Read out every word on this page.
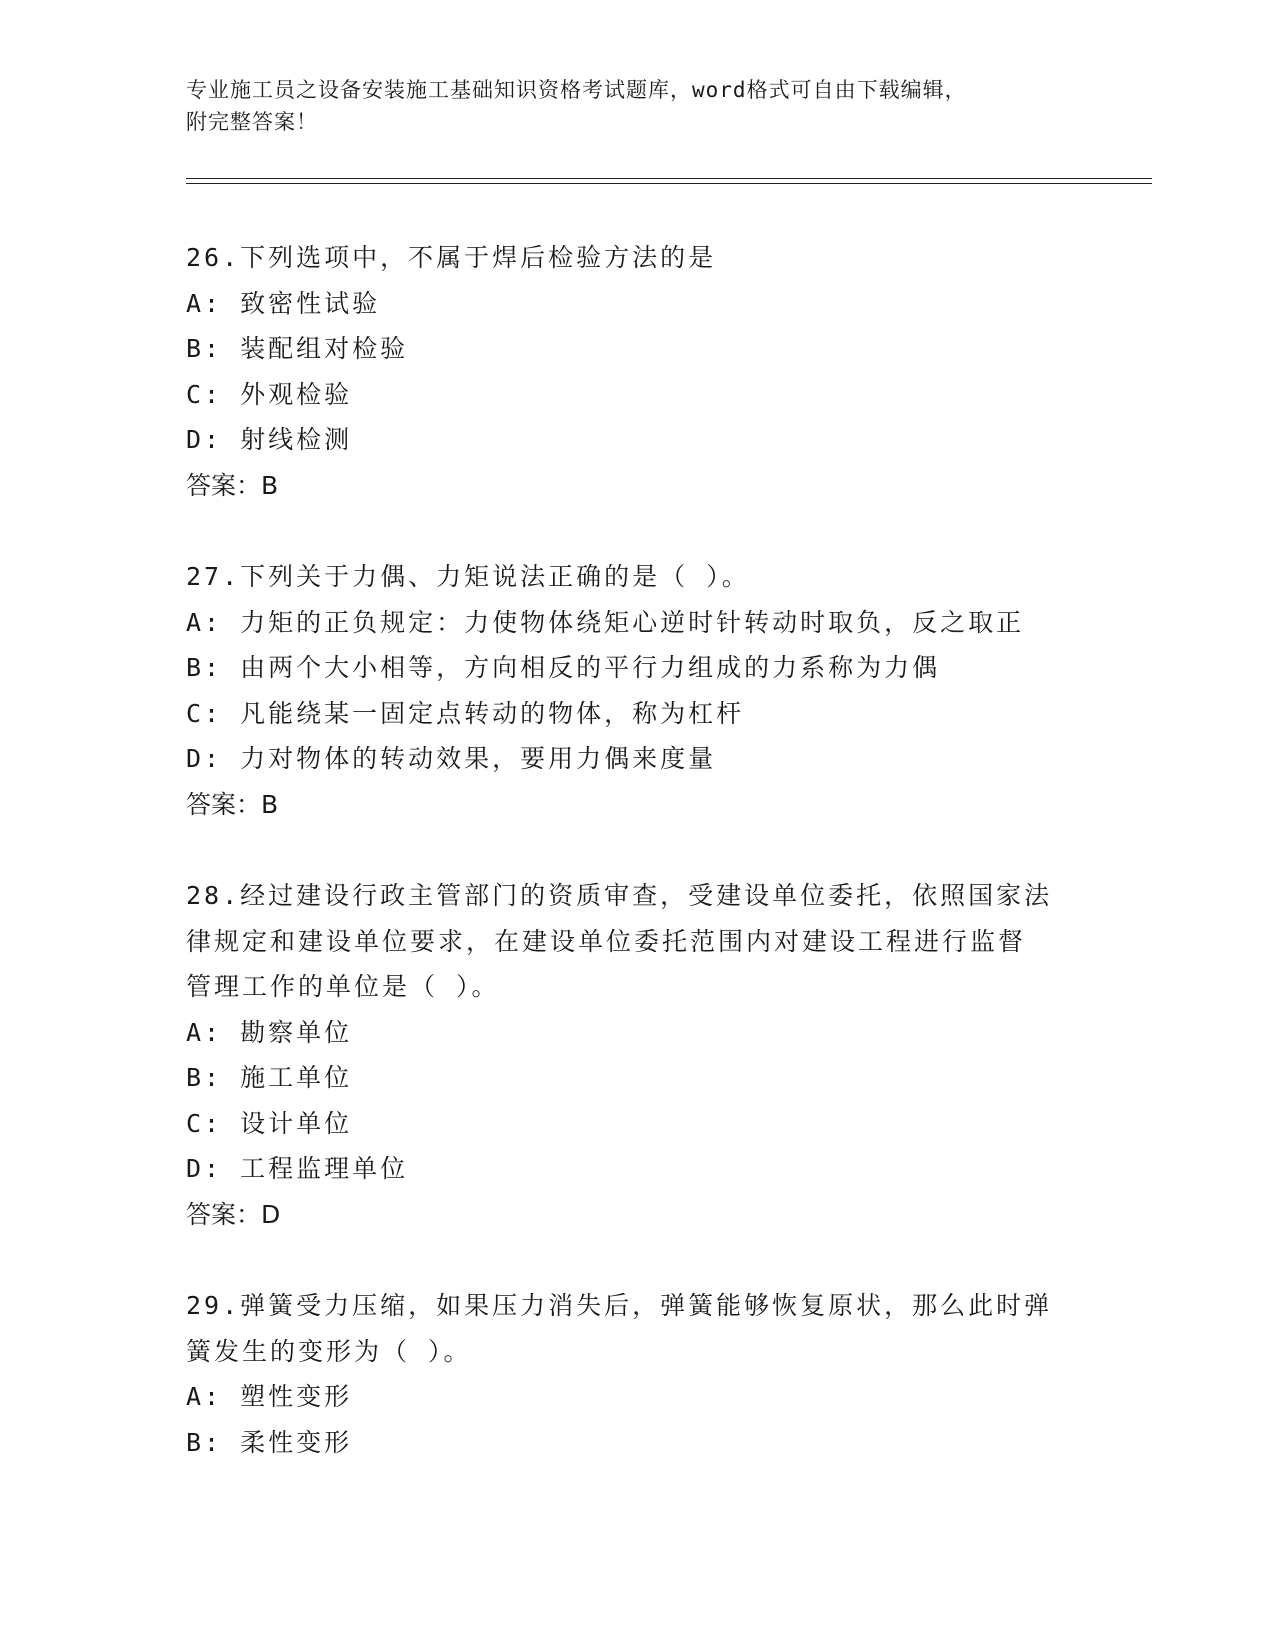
专业施工员之设备安装施工基础知识资格考试题库，word格式可自由下载编辑，
附完整答案！
26.下列选项中，不属于焊后检验方法的是
A: 致密性试验
B: 装配组对检验
C: 外观检验
D: 射线检测
答案：B
27.下列关于力偶、力矩说法正确的是（ ）。
A: 力矩的正负规定：力使物体绕矩心逆时针转动时取负，反之取正
B: 由两个大小相等，方向相反的平行力组成的力系称为力偶
C: 凡能绕某一固定点转动的物体，称为杠杆
D: 力对物体的转动效果，要用力偶来度量
答案：B
28.经过建设行政主管部门的资质审查，受建设单位委托，依照国家法
律规定和建设单位要求，在建设单位委托范围内对建设工程进行监督
管理工作的单位是（ ）。
A: 勘察单位
B: 施工单位
C: 设计单位
D: 工程监理单位
答案：D
29.弹簧受力压缩，如果压力消失后，弹簧能够恢复原状，那么此时弹
簧发生的变形为（ ）。
A: 塑性变形
B: 柔性变形
